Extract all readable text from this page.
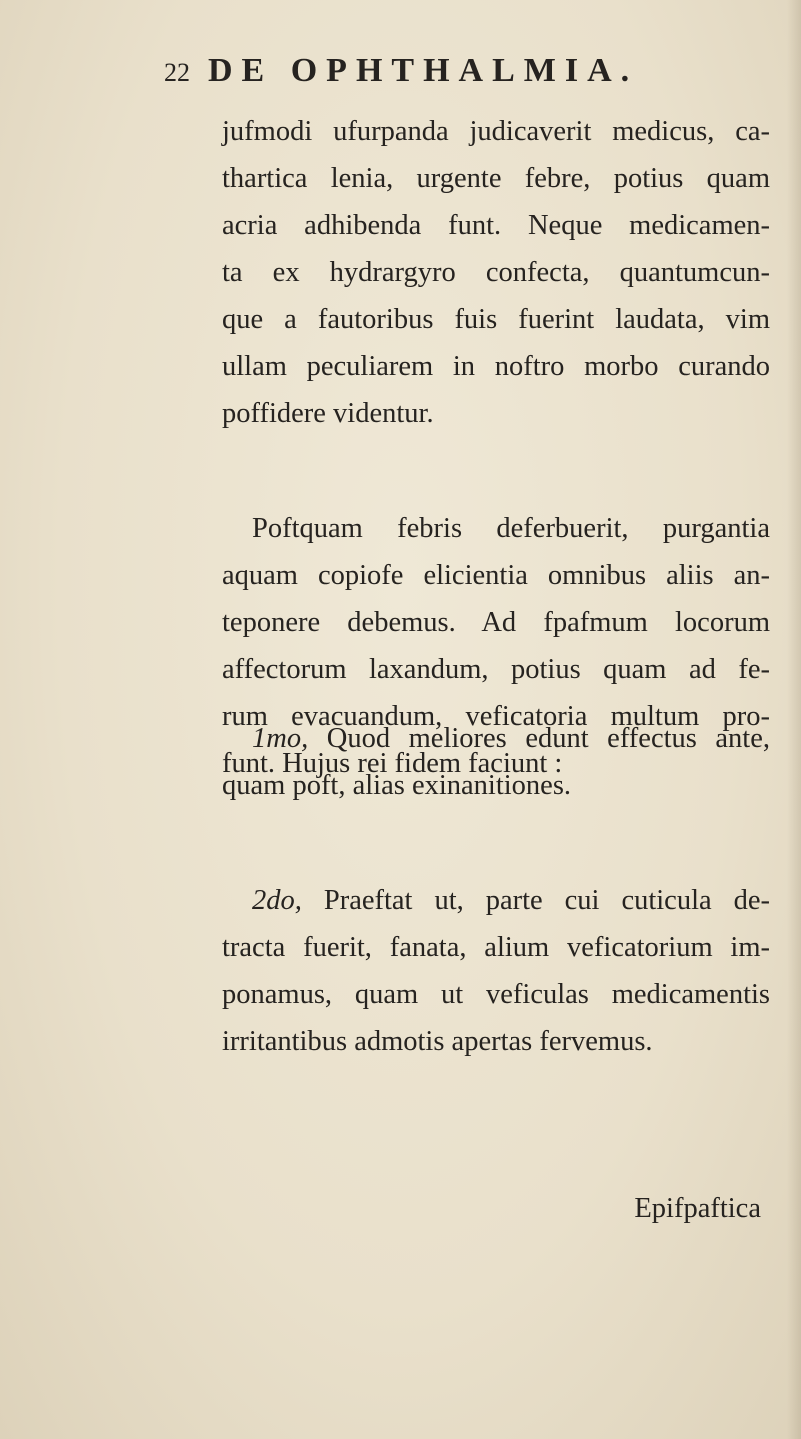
22 DE OPHTHALMIA.
jufmodi ufurpanda judicaverit medicus, ca-
thartica lenia, urgente febre, potius quam
acria adhibenda funt. Neque medicamen-
ta ex hydrargyro confecta, quantumcun-
que a fautoribus fuis fuerint laudata, vim
ullam peculiarem in noftro morbo curando
poffidere videntur.
Poftquam febris deferbuerit, purgantia
aquam copiofe elicientia omnibus aliis an-
teponere debemus. Ad fpafmum locorum
affectorum laxandum, potius quam ad fe-
rum evacuandum, veficatoria multum pro-
funt. Hujus rei fidem faciunt :
1mo, Quod meliores edunt effectus ante,
quam poft, alias exinanitiones.
2do, Praeftat ut, parte cui cuticula de-
tracta fuerit, fanata, alium veficatorium im-
ponamus, quam ut veficulas medicamentis
irritantibus admotis apertas fervemus.
Epifpaftica
